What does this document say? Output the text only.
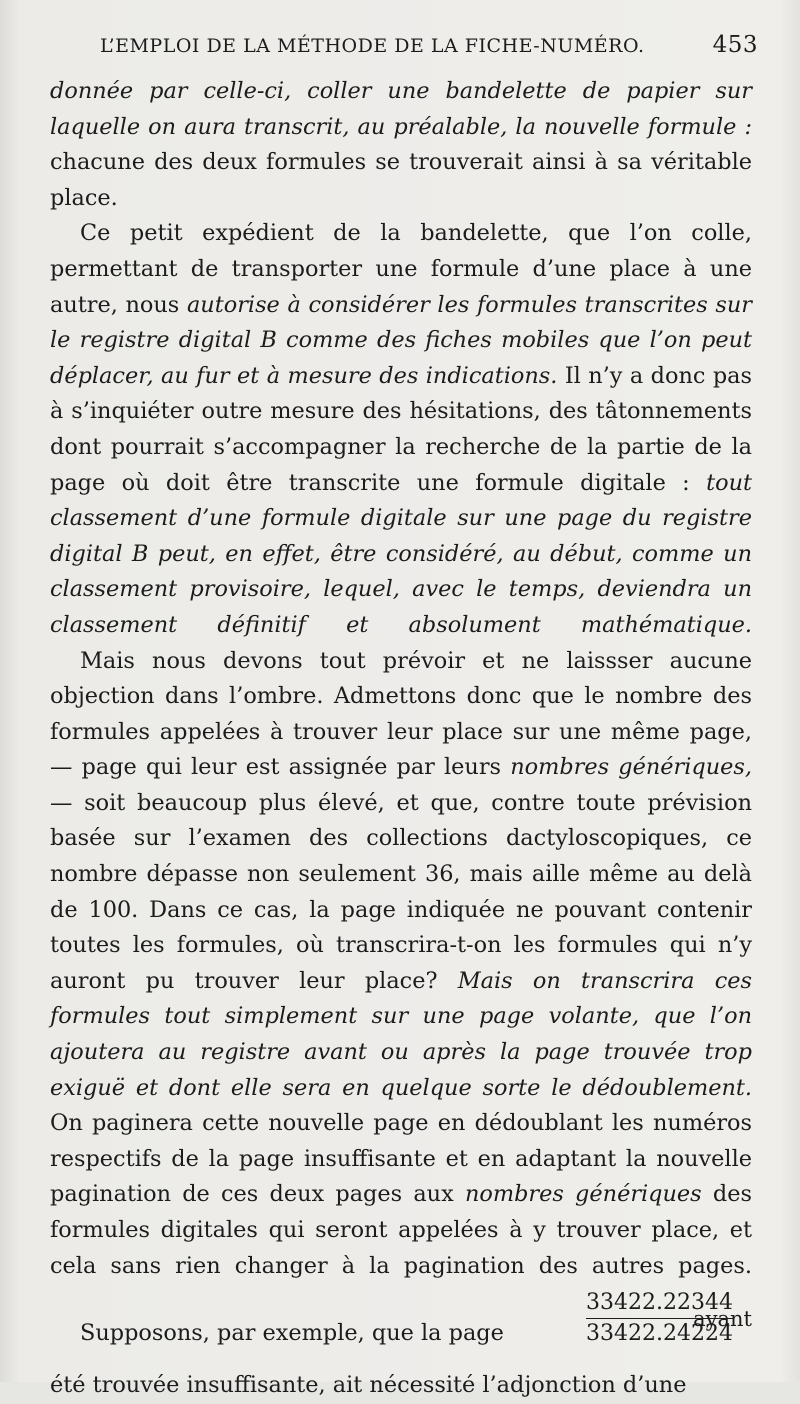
L’EMPLOI DE LA MÉTHODE DE LA FICHE-NUMÉRO.	453

donnée par celle-ci, coller une bandelette de papier sur laquelle on aura transcrit, au préalable, la nouvelle formule : chacune des deux formules se trouverait ainsi à sa véritable place.

Ce petit expédient de la bandelette, que l’on colle, permettant de transporter une formule d’une place à une autre, nous autorise à considérer les formules transcrites sur le registre digital B comme des fiches mobiles que l’on peut déplacer, au fur et à mesure des indications. Il n’y a donc pas à s’inquiéter outre mesure des hésitations, des tâtonnements dont pourrait s’accompagner la recherche de la partie de la page où doit être transcrite une formule digitale : tout classement d’une formule digitale sur une page du registre digital B peut, en effet, être considéré, au début, comme un classement provisoire, lequel, avec le temps, deviendra un classement définitif et absolument mathématique.

Mais nous devons tout prévoir et ne laissser aucune objection dans l’ombre. Admettons donc que le nombre des formules appelées à trouver leur place sur une même page, — page qui leur est assignée par leurs nombres génériques, — soit beaucoup plus élevé, et que, contre toute prévision basée sur l’examen des collections dactyloscopiques, ce nombre dépasse non seulement 36, mais aille même au delà de 100. Dans ce cas, la page indiquée ne pouvant contenir toutes les formules, où transcrira-t-on les formules qui n’y auront pu trouver leur place? Mais on transcrira ces formules tout simplement sur une page volante, que l’on ajoutera au registre avant ou après la page trouvée trop exiguë et dont elle sera en quelque sorte le dédoublement. On paginera cette nouvelle page en dédoublant les numéros respectifs de la page insuffisante et en adaptant la nouvelle pagination de ces deux pages aux nombres génériques des formules digitales qui seront appelées à y trouver place, et cela sans rien changer à la pagination des autres pages.

Supposons, par exemple, que la page	$\frac{33422.22344}{33422.24224}$
ayant

été trouvée insuffisante, ait nécessité l’adjonction d’une
